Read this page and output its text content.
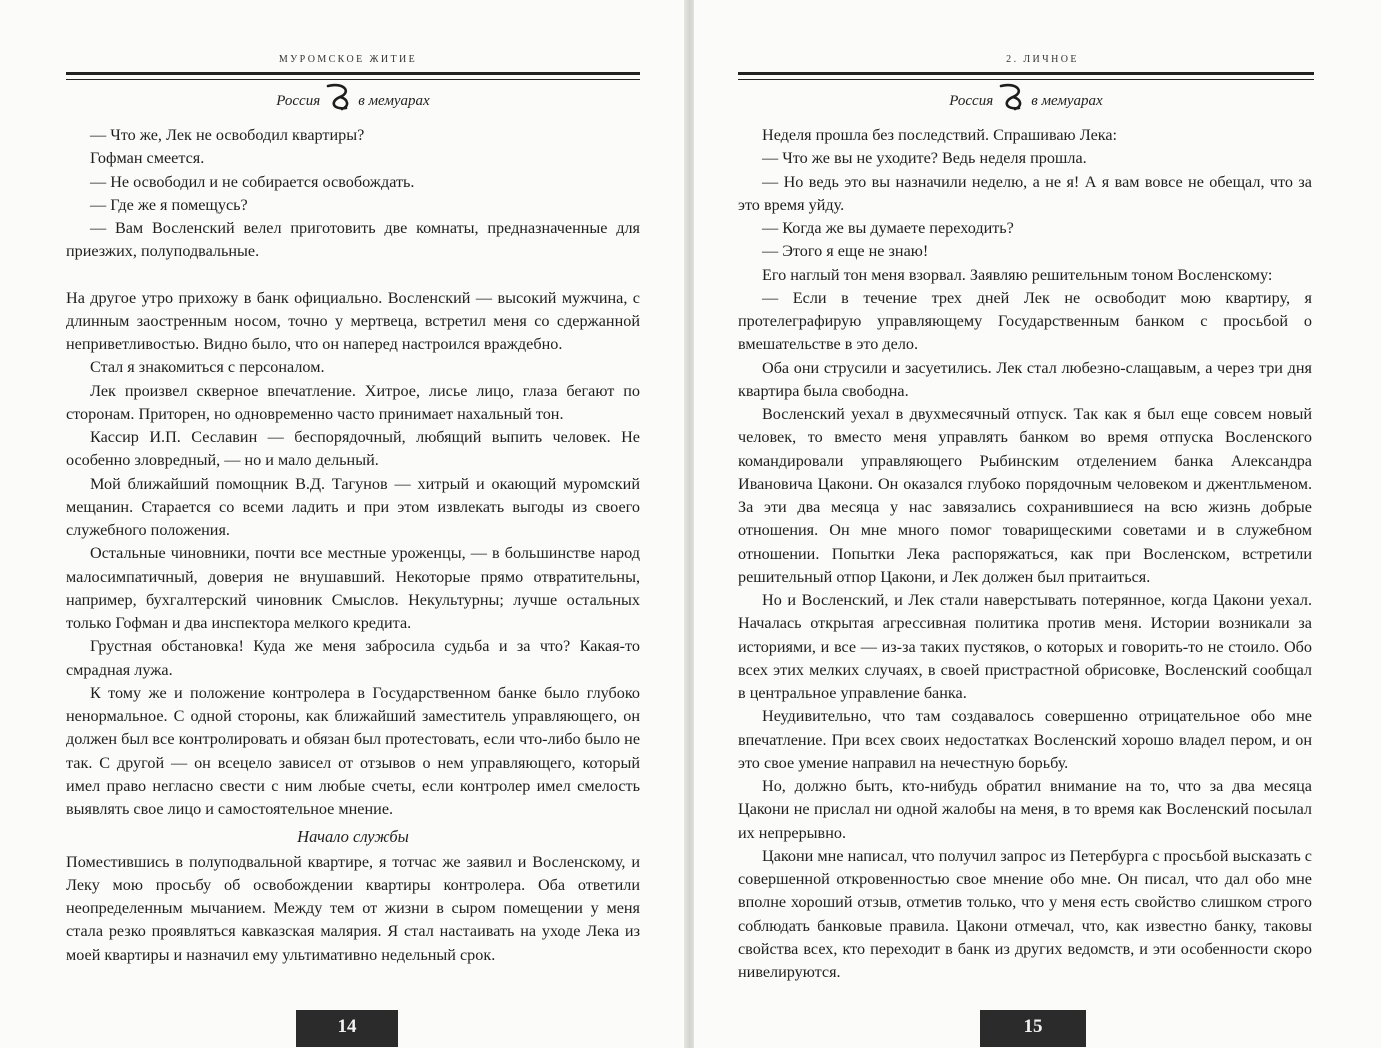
МУРОМСКОЕ ЖИТИЕ
Россия	в мемуарах

— Что же, Лек не освободил квартиры?

Гофман смеется.

— Не освободил и не собирается освобождать.

— Где же я помещусь?

— Вам Восленский велел приготовить две комнаты, предназначенные для приезжих, полуподвальные.

На другое утро прихожу в банк официально. Восленский — высокий мужчина, с длинным заостренным носом, точно у мертвеца, встретил меня со сдержанной неприветливостью. Видно было, что он наперед настроился враждебно.

Стал я знакомиться с персоналом.

Лек произвел скверное впечатление. Хитрое, лисье лицо, глаза бегают по сторонам. Приторен, но одновременно часто принимает нахальный тон.

Кассир И.П. Сеславин — беспорядочный, любящий выпить человек. Не особенно зловредный, — но и мало дельный.

Мой ближайший помощник В.Д. Тагунов — хитрый и окающий муромский мещанин. Старается со всеми ладить и при этом извлекать выгоды из своего служебного положения.

Остальные чиновники, почти все местные уроженцы, — в большинстве народ малосимпатичный, доверия не внушавший. Некоторые прямо отвратительны, например, бухгалтерский чиновник Смыслов. Некультурны; лучше остальных только Гофман и два инспектора мелкого кредита.

Грустная обстановка! Куда же меня забросила судьба и за что? Какая-то смрадная лужа.

К тому же и положение контролера в Государственном банке было глубоко ненормальное. С одной стороны, как ближайший заместитель управляющего, он должен был все контролировать и обязан был протестовать, если что-либо было не так. С другой — он всецело зависел от отзывов о нем управляющего, который имел право негласно свести с ним любые счеты, если контролер имел смелость выявлять свое лицо и самостоятельное мнение.

Начало службы

Поместившись в полуподвальной квартире, я тотчас же заявил и Восленскому, и Леку мою просьбу об освобождении квартиры контролера. Оба ответили неопределенным мычанием. Между тем от жизни в сыром помещении у меня стала резко проявляться кавказская малярия. Я стал настаивать на уходе Лека из моей квартиры и назначил ему ультимативно недельный срок.

14
2. ЛИЧНОЕ
Россия	в мемуарах

Неделя прошла без последствий. Спрашиваю Лека:

— Что же вы не уходите? Ведь неделя прошла.

— Но ведь это вы назначили неделю, а не я! А я вам вовсе не обещал, что за это время уйду.

— Когда же вы думаете переходить?

— Этого я еще не знаю!

Его наглый тон меня взорвал. Заявляю решительным тоном Восленскому:

— Если в течение трех дней Лек не освободит мою квартиру, я протелеграфирую управляющему Государственным банком с просьбой о вмешательстве в это дело.

Оба они струсили и засуетились. Лек стал любезно-слащавым, а через три дня квартира была свободна.

Восленский уехал в двухмесячный отпуск. Так как я был еще совсем новый человек, то вместо меня управлять банком во время отпуска Восленского командировали управляющего Рыбинским отделением банка Александра Ивановича Цакони. Он оказался глубоко порядочным человеком и джентльменом. За эти два месяца у нас завязались сохранившиеся на всю жизнь добрые отношения. Он мне много помог товарищескими советами и в служебном отношении. Попытки Лека распоряжаться, как при Восленском, встретили решительный отпор Цакони, и Лек должен был притаиться.

Но и Восленский, и Лек стали наверстывать потерянное, когда Цакони уехал. Началась открытая агрессивная политика против меня. Истории возникали за историями, и все — из-за таких пустяков, о которых и говорить-то не стоило. Обо всех этих мелких случаях, в своей пристрастной обрисовке, Восленский сообщал в центральное управление банка.

Неудивительно, что там создавалось совершенно отрицательное обо мне впечатление. При всех своих недостатках Восленский хорошо владел пером, и он это свое умение направил на нечестную борьбу.

Но, должно быть, кто-нибудь обратил внимание на то, что за два месяца Цакони не прислал ни одной жалобы на меня, в то время как Восленский посылал их непрерывно.

Цакони мне написал, что получил запрос из Петербурга с просьбой высказать с совершенной откровенностью свое мнение обо мне. Он писал, что дал обо мне вполне хороший отзыв, отметив только, что у меня есть свойство слишком строго соблюдать банковые правила. Цакони отмечал, что, как известно банку, таковы свойства всех, кто переходит в банк из других ведомств, и эти особенности скоро нивелируются.

15
